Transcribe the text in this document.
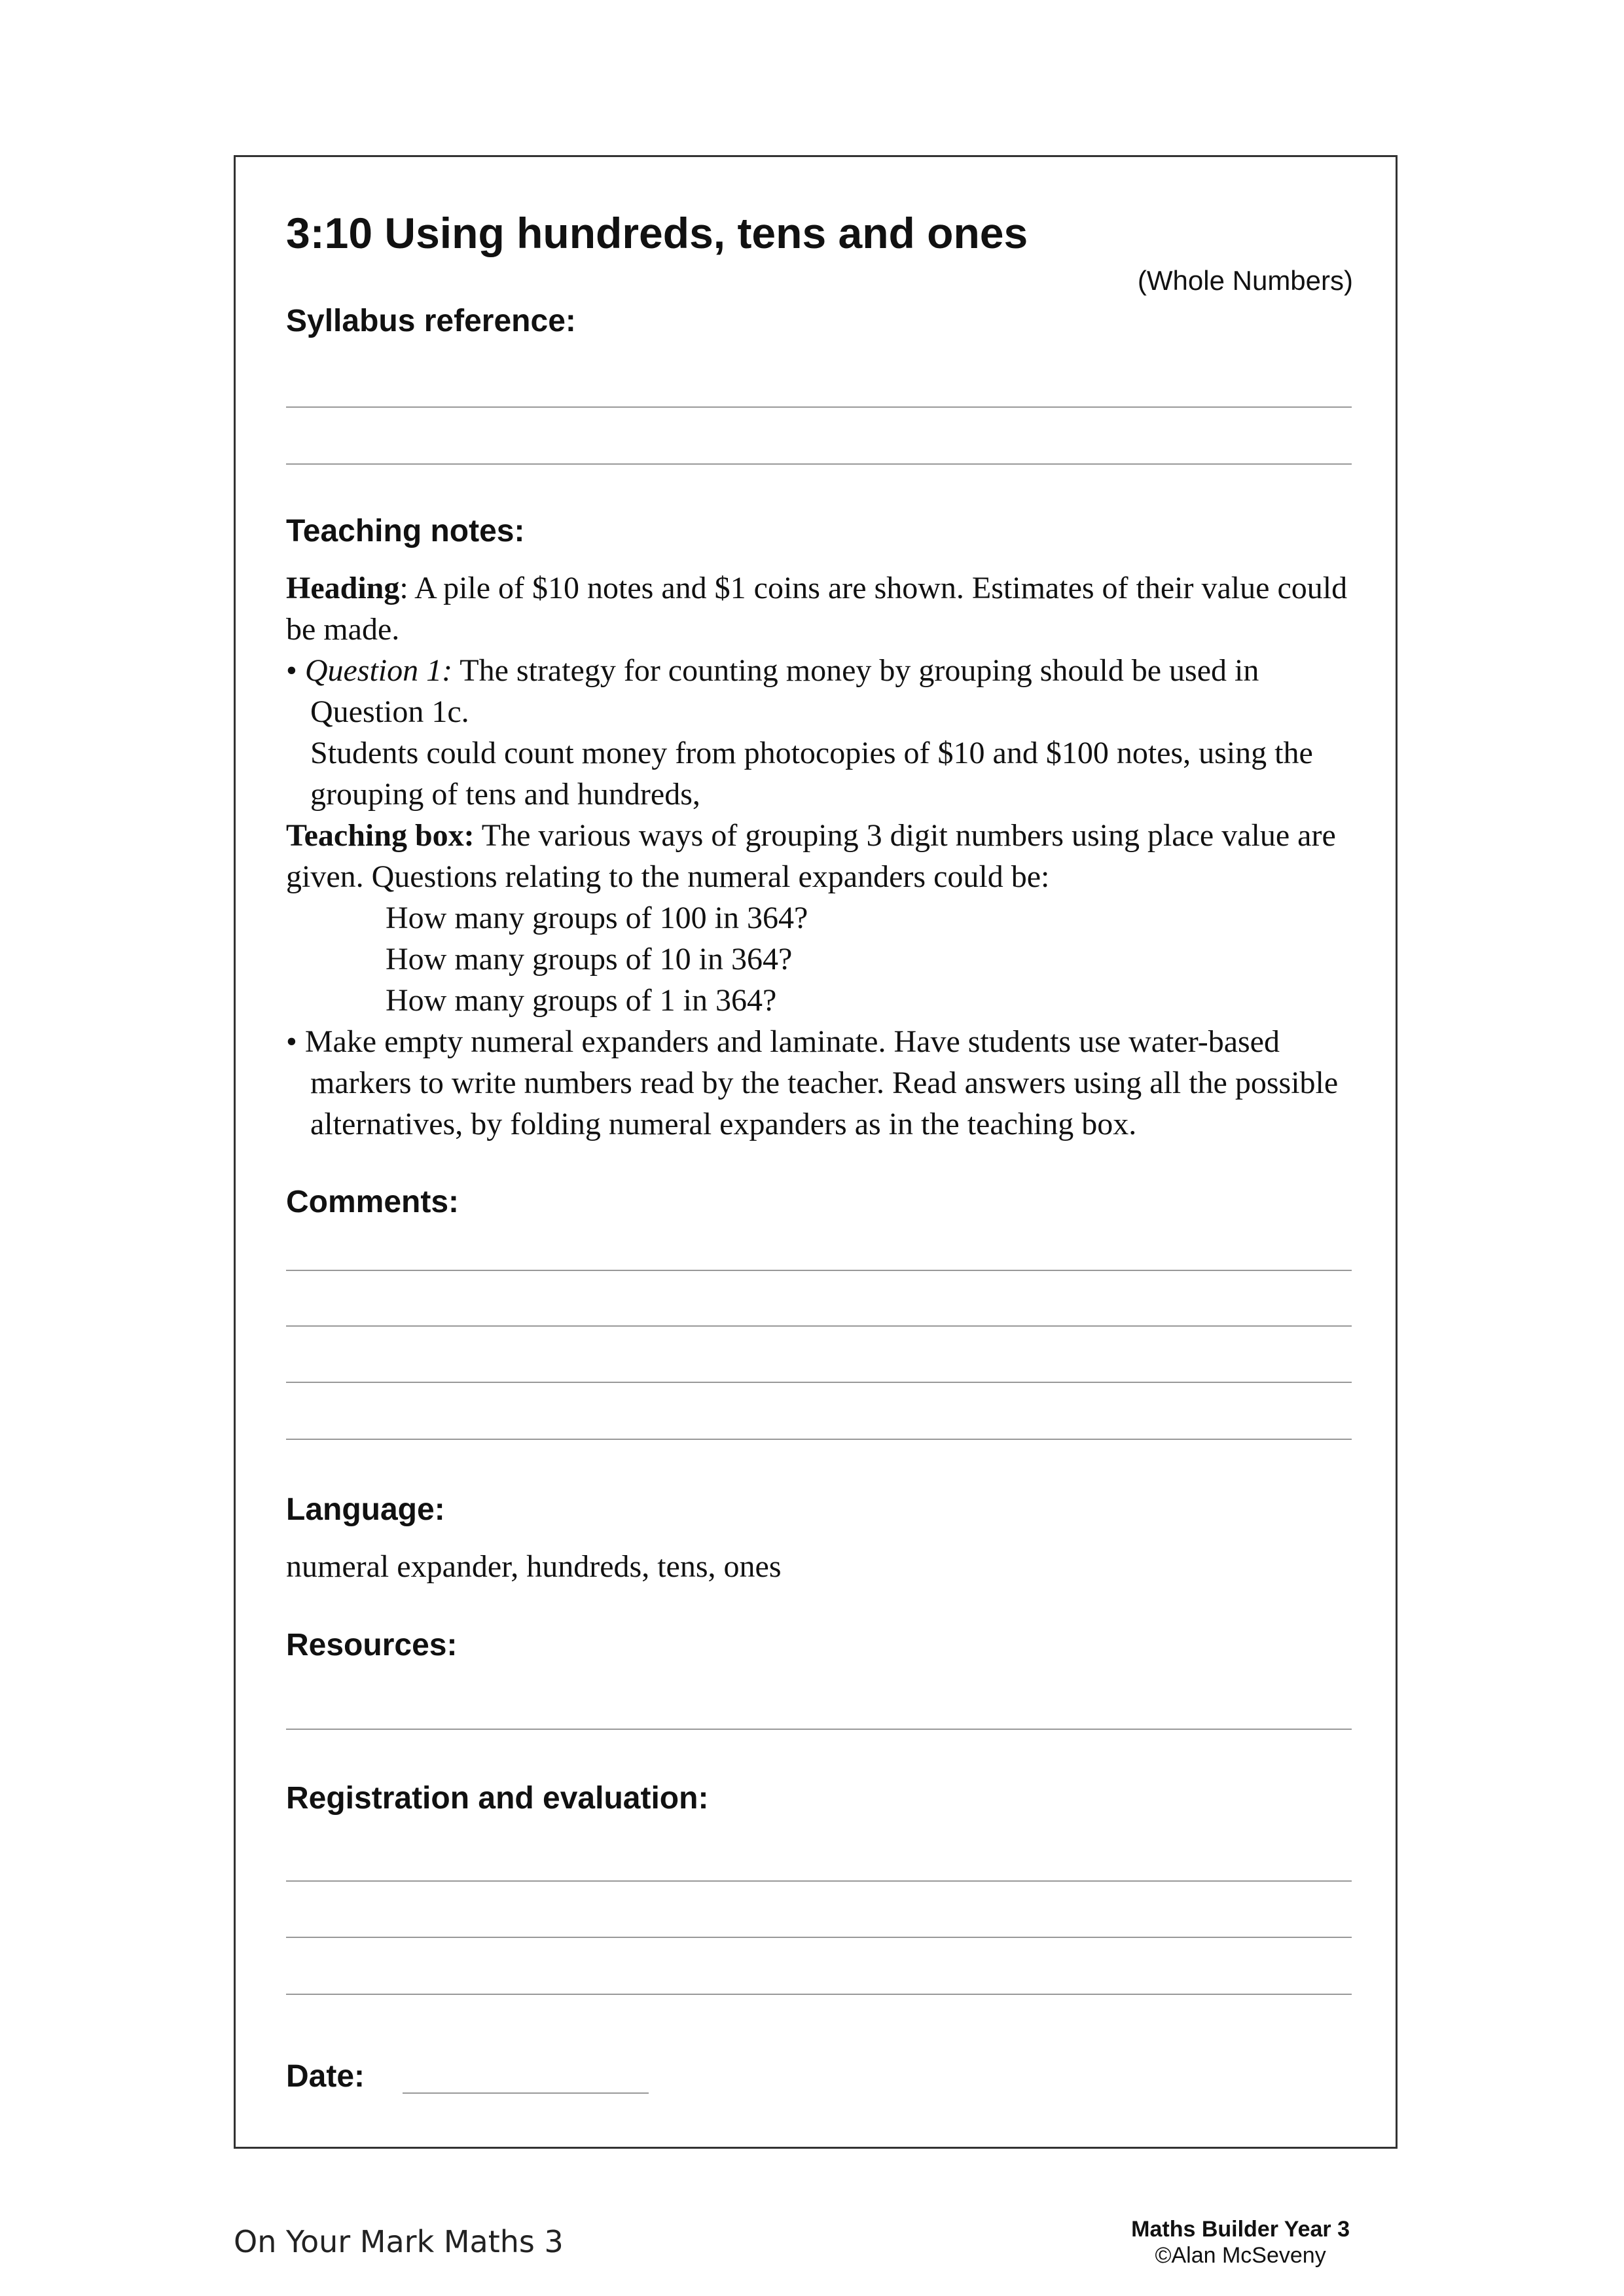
3:10 Using hundreds, tens and ones
(Whole Numbers)
Syllabus reference:
Teaching notes:

Heading: A pile of $10 notes and $1 coins are shown. Estimates of their value could be made.

• Question 1: The strategy for counting money by grouping should be used in Question 1c.

Students could count money from photocopies of $10 and $100 notes, using the grouping of tens and hundreds,

Teaching box: The various ways of grouping 3 digit numbers using place value are given. Questions relating to the numeral expanders could be:

How many groups of 100 in 364?

How many groups of 10 in 364?

How many groups of 1 in 364?

• Make empty numeral expanders and laminate. Have students use water-based markers to write numbers read by the teacher. Read answers using all the possible alternatives, by folding numeral expanders as in the teaching box.

Comments:
Language:
numeral expander, hundreds, tens, ones
Resources:
Registration and evaluation:
Date:
On Your Mark Maths 3	Maths Builder Year 3
©Alan McSeveny
